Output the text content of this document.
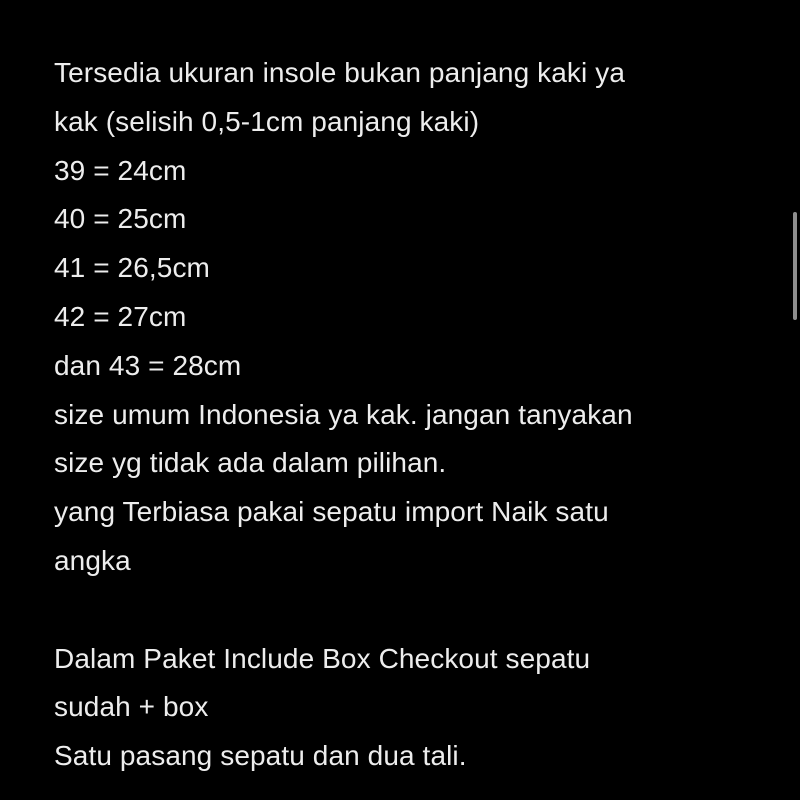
Tersedia ukuran insole bukan panjang kaki ya
kak (selisih 0,5-1cm panjang kaki)
39 = 24cm
40 = 25cm
41 = 26,5cm
42 = 27cm
dan 43 = 28cm
size umum Indonesia ya kak. jangan tanyakan
size yg tidak ada dalam pilihan.
yang Terbiasa pakai sepatu import Naik satu
angka
Dalam Paket Include Box Checkout sepatu
sudah + box
Satu pasang sepatu dan dua tali.
